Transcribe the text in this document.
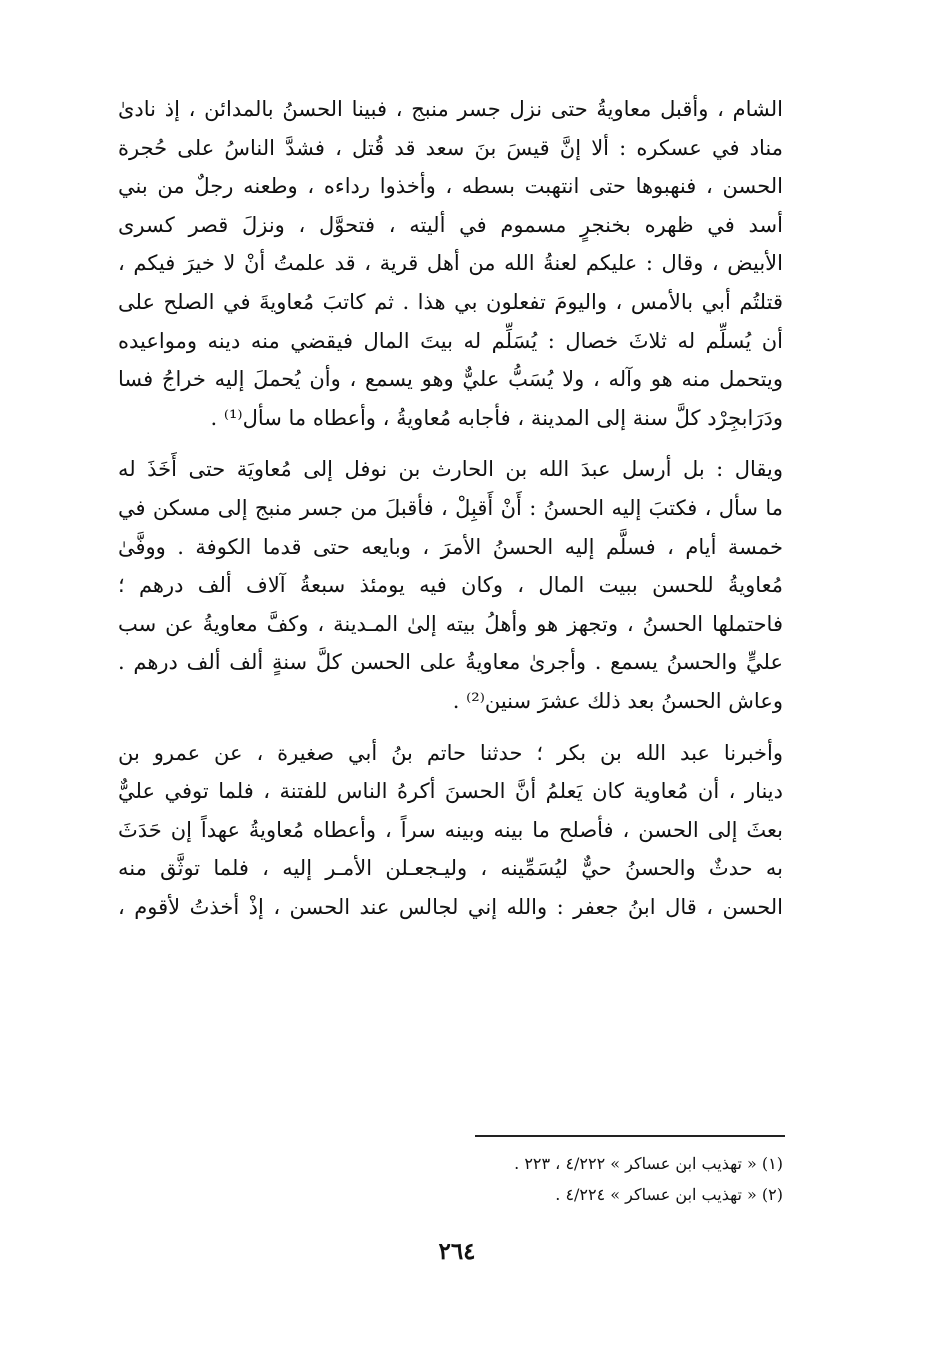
الشام ، وأقبل معاويةُ حتى نزل جسر منبج ، فبينا الحسنُ بالمدائن ، إذ نادىٰ
مناد في عسكره : ألا إنَّ قيسَ بنَ سعد قد قُتل ، فشدَّ الناسُ على حُجرة
الحسن ، فنهبوها حتى انتهبت بسطه ، وأخذوا رداءه ، وطعنه رجلٌ من بني
أسد في ظهره بخنجرٍ مسموم في أليته ، فتحوَّل ، ونزلَ قصر كسرى
الأبيض ، وقال : عليكم لعنةُ الله من أهل قرية ، قد علمتُ أنْ لا خيرَ فيكم ،
قتلتُم أبي بالأمس ، واليومَ تفعلون بي هذا . ثم كاتبَ مُعاويةَ في الصلح على
أن يُسلِّم له ثلاثَ خصال : يُسَلِّم له بيتَ المال فيقضي منه دينه ومواعيده
ويتحمل منه هو وآله ، ولا يُسَبُّ عليٌّ وهو يسمع ، وأن يُحملَ إليه خراجُ فسا
ودَرَابجِرْد كلَّ سنة إلى المدينة ، فأجابه مُعاويةُ ، وأعطاه ما سأل⁽¹⁾ .
ويقال : بل أرسل عبدَ الله بن الحارث بن نوفل إلى مُعاويَة حتى أَخَذَ له
ما سأل ، فكتبَ إليه الحسنُ : أَنْ أَقبِلْ ، فأقبلَ من جسر منبج إلى مسكن في
خمسة أيام ، فسلَّم إليه الحسنُ الأمرَ ، وبايعه حتى قدما الكوفة . ووفَّىٰ
مُعاويةُ للحسن ببيت المال ، وكان فيه يومئذ سبعةُ آلاف ألف درهم ؛
فاحتملها الحسنُ ، وتجهز هو وأهلُ بيته إلىٰ المـدينة ، وكفَّ معاويةُ عن سب
عليٍّ والحسنُ يسمع . وأجرىٰ معاويةُ على الحسن كلَّ سنةٍ ألف ألف درهم .
وعاش الحسنُ بعد ذلك عشرَ سنين⁽²⁾ .
وأخبرنا عبد الله بن بكر ؛ حدثنا حاتم بنُ أبي صغيرة ، عن عمرو بن
دينار ، أن مُعاوية كان يَعلمُ أنَّ الحسنَ أكرهُ الناس للفتنة ، فلما توفي عليٌّ
بعثَ إلى الحسن ، فأصلح ما بينه وبينه سراً ، وأعطاه مُعاويةُ عهداً إن حَدَثَ
به حدثٌ والحسنُ حيٌّ ليُسَمِّينه ، وليـجعـلن الأمـر إليه ، فلما توثَّق منه
الحسن ، قال ابنُ جعفر : والله إني لجالس عند الحسن ، إذْ أخذتُ لأقوم ،
(١) « تهذيب ابن عساكر » ٤/٢٢٢ ، ٢٢٣ .
(٢) « تهذيب ابن عساكر » ٤/٢٢٤ .
٢٦٤
